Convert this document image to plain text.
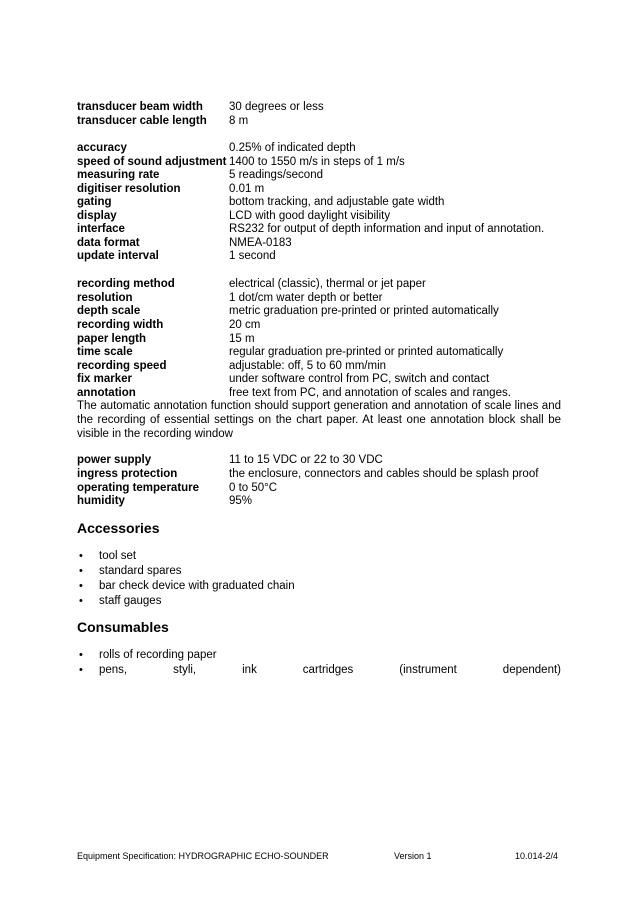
transducer beam width 30 degrees or less
transducer cable length 8 m
accuracy	0.25% of indicated depth
speed of sound adjustment 1400 to 1550 m/s in steps of 1 m/s
measuring rate	5 readings/second
digitiser resolution	0.01 m
gating	bottom tracking, and adjustable gate width
display	LCD with good daylight visibility
interface	RS232 for output of depth information and input of annotation.
data format	NMEA-0183
update interval	1 second
recording method	electrical (classic), thermal or jet paper
resolution	1 dot/cm water depth or better
depth scale	metric graduation pre-printed or printed automatically
recording width	20 cm
paper length	15 m
time scale	regular graduation pre-printed or printed automatically
recording speed	adjustable: off, 5 to 60 mm/min
fix marker	under software control from PC, switch and contact
annotation	free text from PC, and annotation of scales and ranges.
The automatic annotation function should support generation and annotation of scale lines and
the recording of essential settings on the chart paper. At least one annotation block shall be
visible in the recording window
power supply	11 to 15 VDC or 22 to 30 VDC
ingress protection	the enclosure, connectors and cables should be splash proof
operating temperature	0 to 50°C
humidity	95%
Accessories
• tool set
• standard spares
• bar check device with graduated chain
• staff gauges
Consumables
• rolls of recording paper
• pens, styli, ink cartridges (instrument dependent)
Equipment Specification: HYDROGRAPHIC ECHO-SOUNDER	Version 1	10.014-2/4
